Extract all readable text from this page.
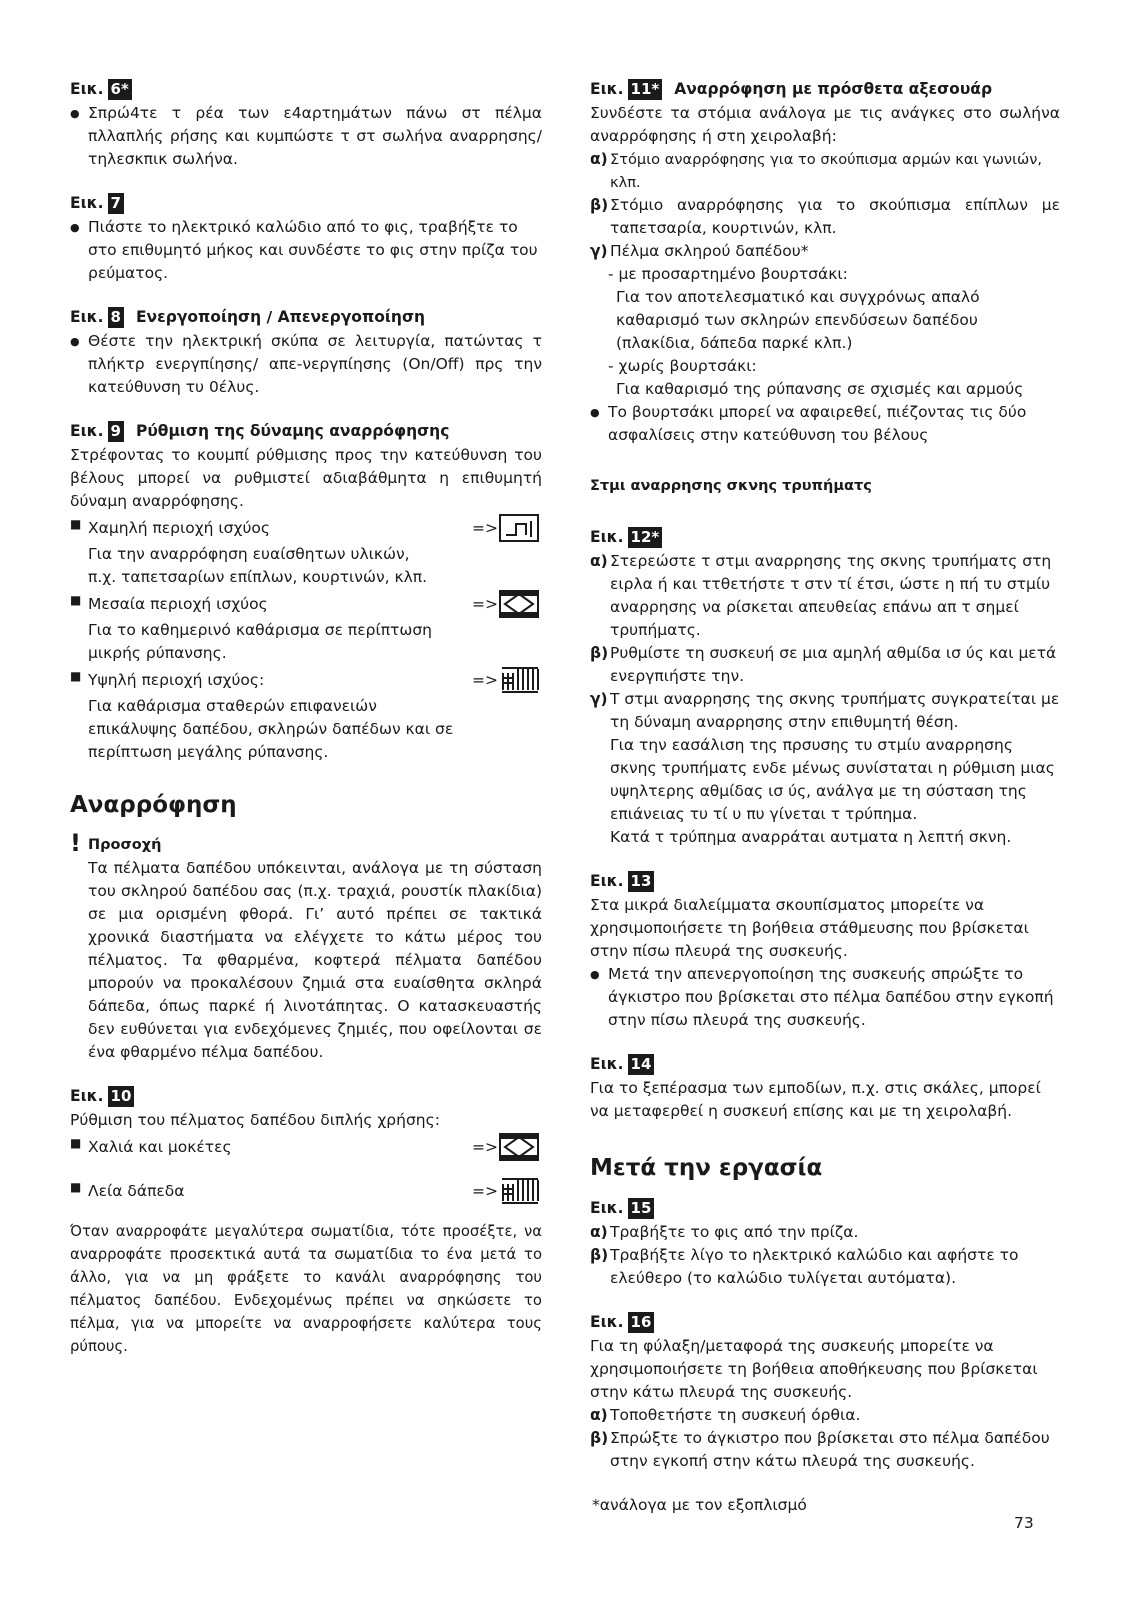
Εικ. 6*
● Σπρώ4τε τ ρέα των ε4αρτημάτων πάνω στ πέλμα πλλαπλής ρήσης και κυμπώστε τ στ σωλήνα αναρρησης/τηλεσκπικ σωλήνα.
Εικ. 7
● Πιάστε το ηλεκτρικό καλώδιο από το φις, τραβήξτε το στο επιθυμητό μήκος και συνδέστε το φις στην πρίζα του ρεύματος.
Εικ. 8 Ενεργοποίηση / Απενεργοποίηση
● Θέστε την ηλεκτρική σκύπα σε λειτυργία, πατώντας τ πλήκτρ ενεργπίησης/ απε-νεργπίησης (On/Off) πρς την κατεύθυνση τυ 0έλυς.
Εικ. 9 Ρύθμιση της δύναμης αναρρόφησης
Στρέφοντας το κουμπί ρύθμισης προς την κατεύθυνση του βέλους μπορεί να ρυθμιστεί αδιαβάθμητα η επιθυμητή δύναμη αναρρόφησης.
■ Χαμηλή περιοχή ισχύος	=>
Για την αναρρόφηση ευαίσθητων υλικών,
π.χ. ταπετσαρίων επίπλων, κουρτινών, κλπ.
■ Μεσαία περιοχή ισχύος	=>
Για το καθημερινό καθάρισμα σε περίπτωση
μικρής ρύπανσης.
■ Υψηλή περιοχή ισχύος:	=>
Για καθάρισμα σταθερών επιφανειών
επικάλυψης δαπέδου, σκληρών δαπέδων και σε
περίπτωση μεγάλης ρύπανσης.
Αναρρόφηση
! Προσοχή
Τα πέλματα δαπέδου υπόκεινται, ανάλογα με τη σύσταση του σκληρού δαπέδου σας (π.χ. τραχιά, ρουστίκ πλακίδια) σε μια ορισμένη φθορά. Γι’ αυτό πρέπει σε τακτικά χρονικά διαστήματα να ελέγχετε το κάτω μέρος του πέλματος. Τα φθαρμένα, κοφτερά πέλματα δαπέδου μπορούν να προκαλέσουν ζημιά στα ευαίσθητα σκληρά δάπεδα, όπως παρκέ ή λινοτάπητας. Ο κατασκευαστής δεν ευθύνεται για ενδεχόμενες ζημιές, που οφείλονται σε ένα φθαρμένο πέλμα δαπέδου.
Εικ. 10
Ρύθμιση του πέλματος δαπέδου διπλής χρήσης:
■ Χαλιά και μοκέτες	=>
■ Λεία δάπεδα	=>
Όταν αναρροφάτε μεγαλύτερα σωματίδια, τότε προσέξτε, να αναρροφάτε προσεκτικά αυτά τα σωματίδια το ένα μετά το άλλο, για να μη φράξετε το κανάλι αναρρόφησης του πέλματος δαπέδου. Ενδεχομένως πρέπει να σηκώσετε το πέλμα, για να μπορείτε να αναρροφήσετε καλύτερα τους ρύπους.
Εικ. 11* Αναρρόφηση με πρόσθετα αξεσουάρ
Συνδέστε τα στόμια ανάλογα με τις ανάγκες στο σωλήνα αναρρόφησης ή στη χειρολαβή:
α) Στόμιο αναρρόφησης για το σκούπισμα αρμών και γωνιών, κλπ.
β) Στόμιο αναρρόφησης για το σκούπισμα επίπλων με ταπετσαρία, κουρτινών, κλπ.
γ) Πέλμα σκληρού δαπέδου*
- με προσαρτημένο βουρτσάκι:
Για τον αποτελεσματικό και συγχρόνως απαλό καθαρισμό των σκληρών επενδύσεων δαπέδου (πλακίδια, δάπεδα παρκέ κλπ.)
- χωρίς βουρτσάκι:
Για καθαρισμό της ρύπανσης σε σχισμές και αρμούς
● Το βουρτσάκι μπορεί να αφαιρεθεί, πιέζοντας τις δύο ασφαλίσεις στην κατεύθυνση του βέλους
Στμι αναρρησης σκνης τρυπήματς
Εικ. 12*
α) Στερεώστε τ στμι αναρρησης της σκνης τρυπήματς στη ειρλα ή και ττθετήστε τ στν τί έτσι, ώστε η πή τυ στμίυ αναρρησης να ρίσκεται απευθείας επάνω απ τ σημεί τρυπήματς.
β) Ρυθμίστε τη συσκευή σε μια αμηλή αθμίδα ισ ύς και μετά ενεργπιήστε την.
γ) Τ στμι αναρρησης της σκνης τρυπήματς συγκρατείται με τη δύναμη αναρρησης στην επιθυμητή θέση.
Για την εασάλιση της πρσυσης τυ στμίυ αναρρησης σκνης τρυπήματς ενδε μένως συνίσταται η ρύθμιση μιας υψηλτερης αθμίδας ισ ύς, ανάλγα με τη σύσταση της επιάνειας τυ τί υ πυ γίνεται τ τρύπημα.
Κατά τ τρύπημα αναρράται αυτματα η λεπτή σκνη.
Εικ. 13
Στα μικρά διαλείμματα σκουπίσματος μπορείτε να χρησιμοποιήσετε τη βοήθεια στάθμευσης που βρίσκεται στην πίσω πλευρά της συσκευής.
● Μετά την απενεργοποίηση της συσκευής σπρώξτε το άγκιστρο που βρίσκεται στο πέλμα δαπέδου στην εγκοπή στην πίσω πλευρά της συσκευής.
Εικ. 14
Για το ξεπέρασμα των εμποδίων, π.χ. στις σκάλες, μπορεί να μεταφερθεί η συσκευή επίσης και με τη χειρολαβή.
Μετά την εργασία
Εικ. 15
α) Τραβήξτε το φις από την πρίζα.
β) Τραβήξτε λίγο το ηλεκτρικό καλώδιο και αφήστε το ελεύθερο (το καλώδιο τυλίγεται αυτόματα).
Εικ. 16
Για τη φύλαξη/μεταφορά της συσκευής μπορείτε να χρησιμοποιήσετε τη βοήθεια αποθήκευσης που βρίσκεται στην κάτω πλευρά της συσκευής.
α) Τοποθετήστε τη συσκευή όρθια.
β) Σπρώξτε το άγκιστρο που βρίσκεται στο πέλμα δαπέδου στην εγκοπή στην κάτω πλευρά της συσκευής.
*ανάλογα με τον εξοπλισμό
73
